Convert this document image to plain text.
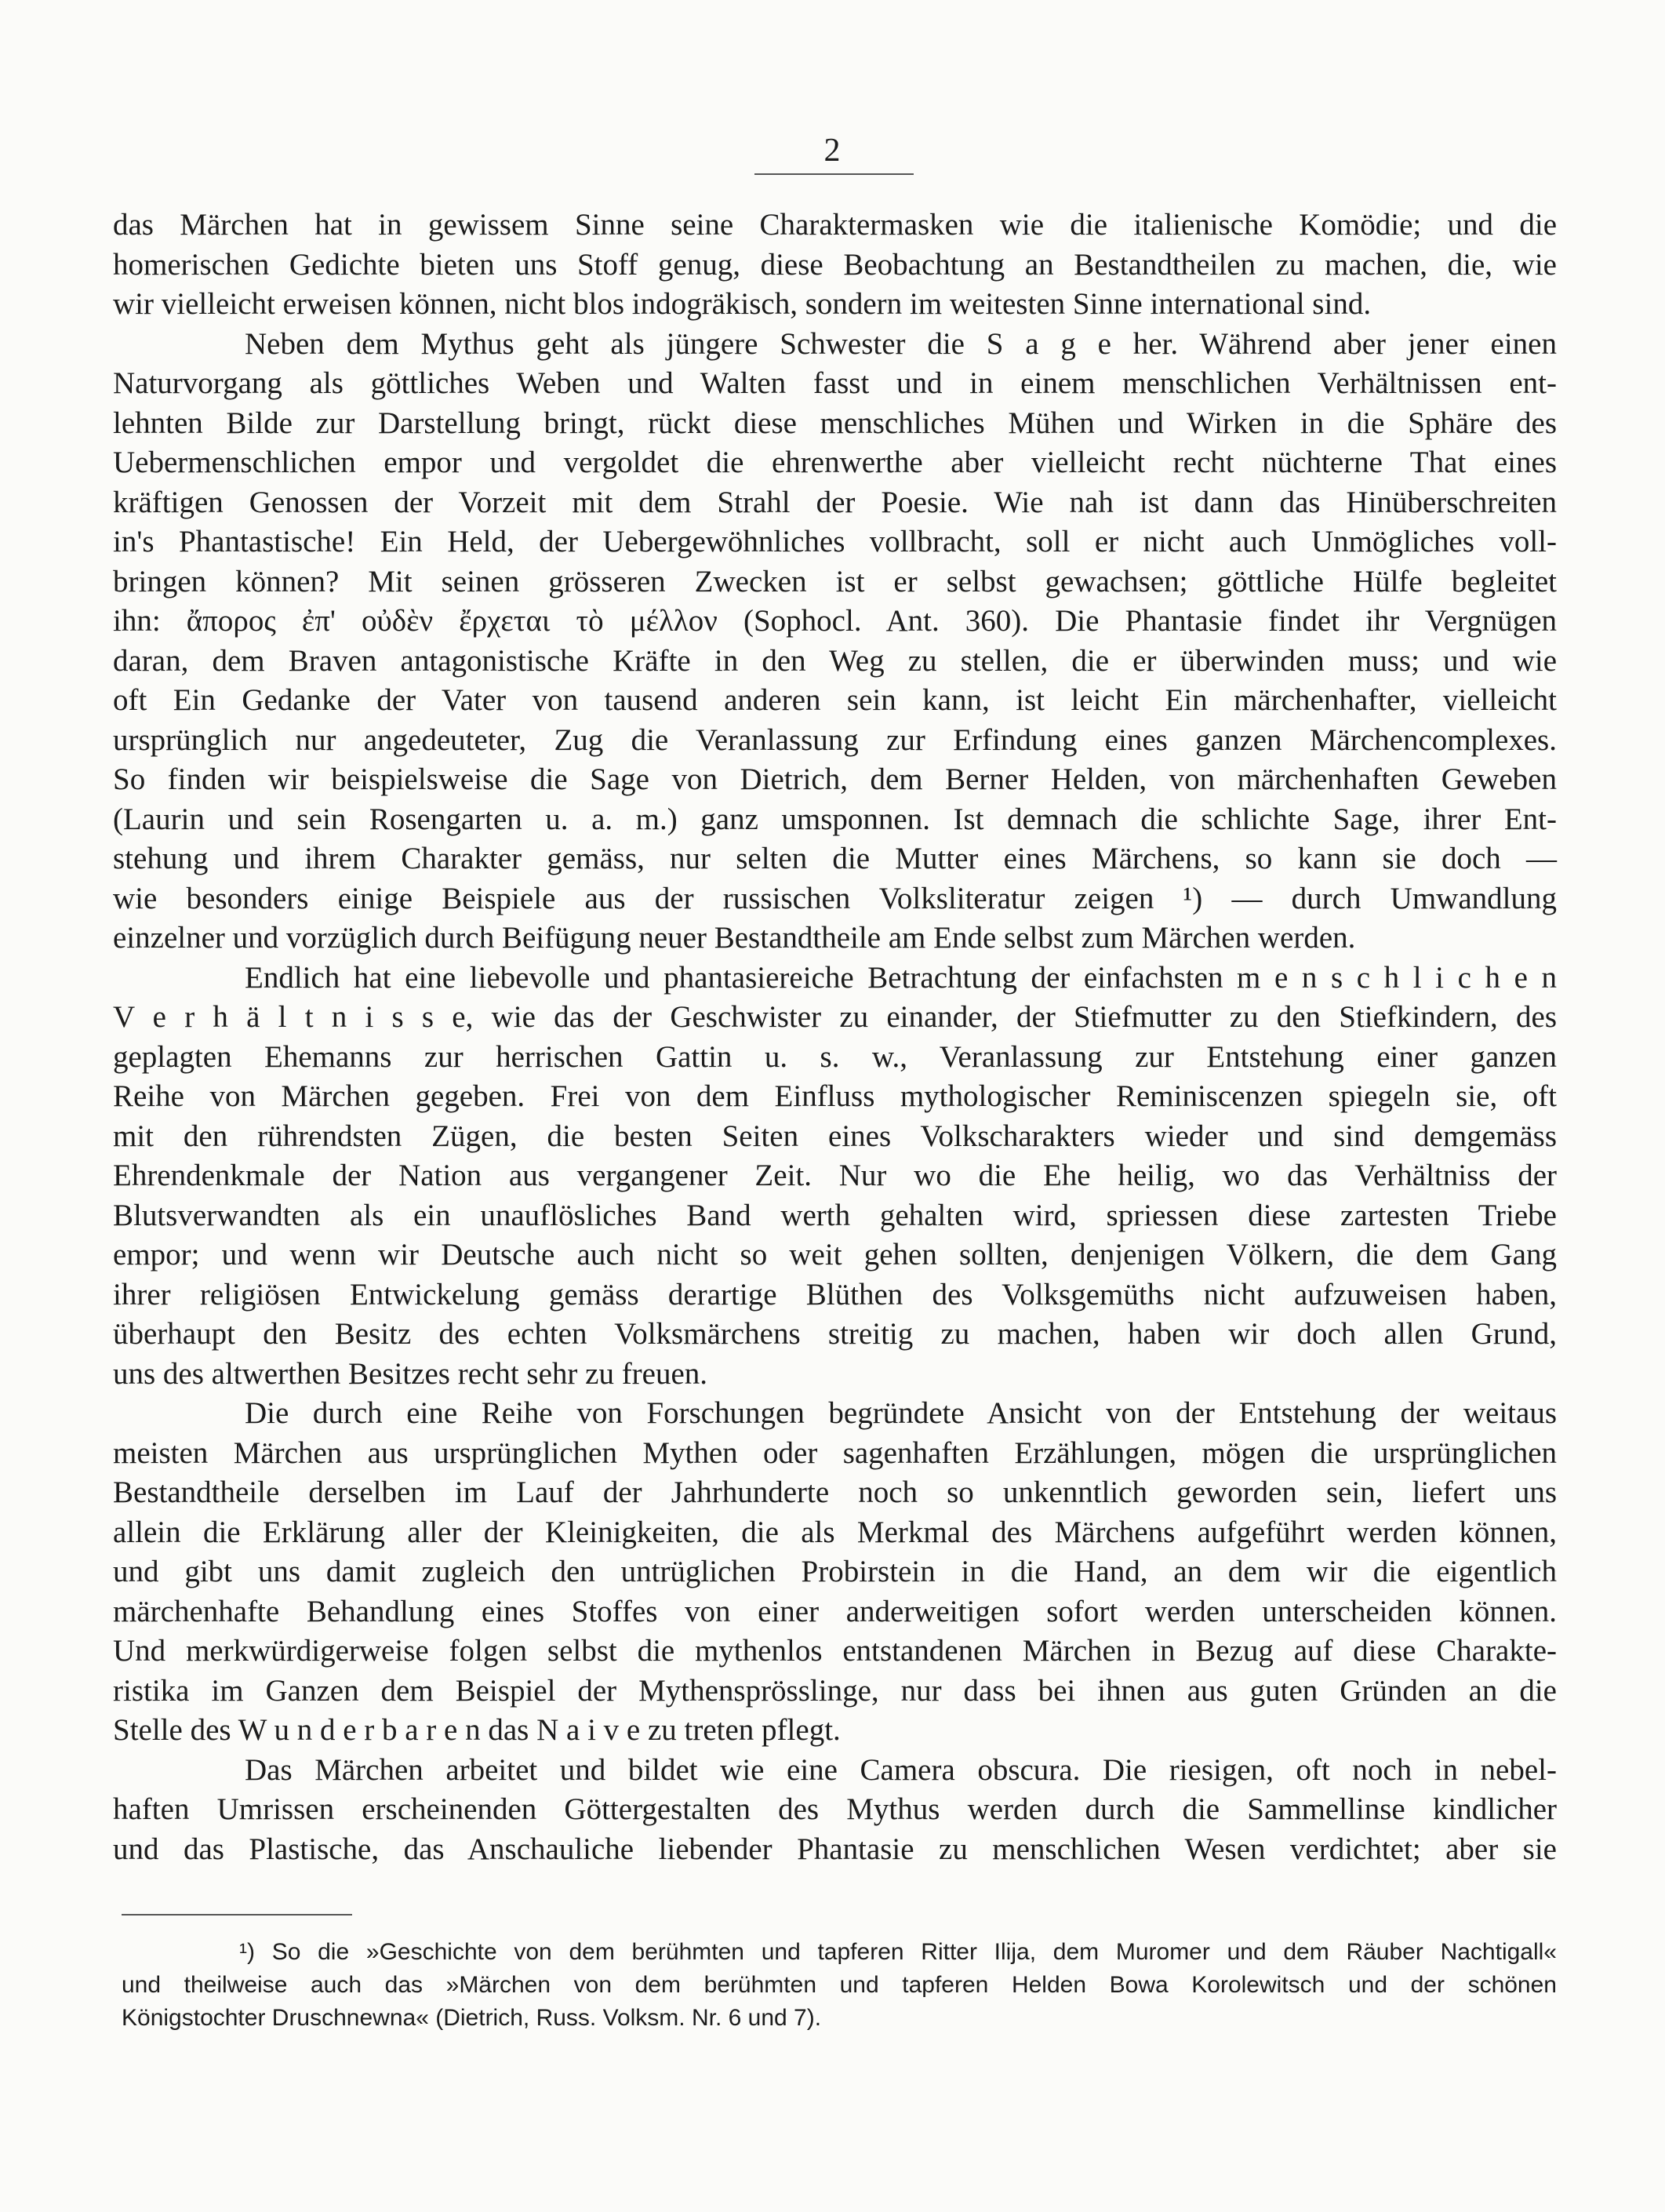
2
das Märchen hat in gewissem Sinne seine Charaktermasken wie die italienische Komödie; und die
homerischen Gedichte bieten uns Stoff genug, diese Beobachtung an Bestandtheilen zu machen, die, wie
wir vielleicht erweisen können, nicht blos indogräkisch, sondern im weitesten Sinne international sind.
Neben dem Mythus geht als jüngere Schwester die S a g e her. Während aber jener einen
Naturvorgang als göttliches Weben und Walten fasst und in einem menschlichen Verhältnissen ent-
lehnten Bilde zur Darstellung bringt, rückt diese menschliches Mühen und Wirken in die Sphäre des
Uebermenschlichen empor und vergoldet die ehrenwerthe aber vielleicht recht nüchterne That eines
kräftigen Genossen der Vorzeit mit dem Strahl der Poesie. Wie nah ist dann das Hinüberschreiten
in's Phantastische! Ein Held, der Uebergewöhnliches vollbracht, soll er nicht auch Unmögliches voll-
bringen können? Mit seinen grösseren Zwecken ist er selbst gewachsen; göttliche Hülfe begleitet
ihn: ἄπορος ἐπ' οὐδὲν ἔρχεται τὸ μέλλον (Sophocl. Ant. 360). Die Phantasie findet ihr Vergnügen
daran, dem Braven antagonistische Kräfte in den Weg zu stellen, die er überwinden muss; und wie
oft Ein Gedanke der Vater von tausend anderen sein kann, ist leicht Ein märchenhafter, vielleicht
ursprünglich nur angedeuteter, Zug die Veranlassung zur Erfindung eines ganzen Märchencomplexes.
So finden wir beispielsweise die Sage von Dietrich, dem Berner Helden, von märchenhaften Geweben
(Laurin und sein Rosengarten u. a. m.) ganz umsponnen. Ist demnach die schlichte Sage, ihrer Ent-
stehung und ihrem Charakter gemäss, nur selten die Mutter eines Märchens, so kann sie doch —
wie besonders einige Beispiele aus der russischen Volksliteratur zeigen ¹) — durch Umwandlung
einzelner und vorzüglich durch Beifügung neuer Bestandtheile am Ende selbst zum Märchen werden.
Endlich hat eine liebevolle und phantasiereiche Betrachtung der einfachsten m e n s c h l i c h e n
V e r h ä l t n i s s e, wie das der Geschwister zu einander, der Stiefmutter zu den Stiefkindern, des
geplagten Ehemanns zur herrischen Gattin u. s. w., Veranlassung zur Entstehung einer ganzen
Reihe von Märchen gegeben. Frei von dem Einfluss mythologischer Reminiscenzen spiegeln sie, oft
mit den rührendsten Zügen, die besten Seiten eines Volkscharakters wieder und sind demgemäss
Ehrendenkmale der Nation aus vergangener Zeit. Nur wo die Ehe heilig, wo das Verhältniss der
Blutsverwandten als ein unauflösliches Band werth gehalten wird, spriessen diese zartesten Triebe
empor; und wenn wir Deutsche auch nicht so weit gehen sollten, denjenigen Völkern, die dem Gang
ihrer religiösen Entwickelung gemäss derartige Blüthen des Volksgemüths nicht aufzuweisen haben,
überhaupt den Besitz des echten Volksmärchens streitig zu machen, haben wir doch allen Grund,
uns des altwerthen Besitzes recht sehr zu freuen.
Die durch eine Reihe von Forschungen begründete Ansicht von der Entstehung der weitaus
meisten Märchen aus ursprünglichen Mythen oder sagenhaften Erzählungen, mögen die ursprünglichen
Bestandtheile derselben im Lauf der Jahrhunderte noch so unkenntlich geworden sein, liefert uns
allein die Erklärung aller der Kleinigkeiten, die als Merkmal des Märchens aufgeführt werden können,
und gibt uns damit zugleich den untrüglichen Probirstein in die Hand, an dem wir die eigentlich
märchenhafte Behandlung eines Stoffes von einer anderweitigen sofort werden unterscheiden können.
Und merkwürdigerweise folgen selbst die mythenlos entstandenen Märchen in Bezug auf diese Charakte-
ristika im Ganzen dem Beispiel der Mythensprösslinge, nur dass bei ihnen aus guten Gründen an die
Stelle des W u n d e r b a r e n das N a i v e zu treten pflegt.
Das Märchen arbeitet und bildet wie eine Camera obscura. Die riesigen, oft noch in nebel-
haften Umrissen erscheinenden Göttergestalten des Mythus werden durch die Sammellinse kindlicher
und das Plastische, das Anschauliche liebender Phantasie zu menschlichen Wesen verdichtet; aber sie
¹) So die »Geschichte von dem berühmten und tapferen Ritter Ilija, dem Muromer und dem Räuber Nachtigall«
und theilweise auch das »Märchen von dem berühmten und tapferen Helden Bowa Korolewitsch und der schönen
Königstochter Druschnewna« (Dietrich, Russ. Volksm. Nr. 6 und 7).
